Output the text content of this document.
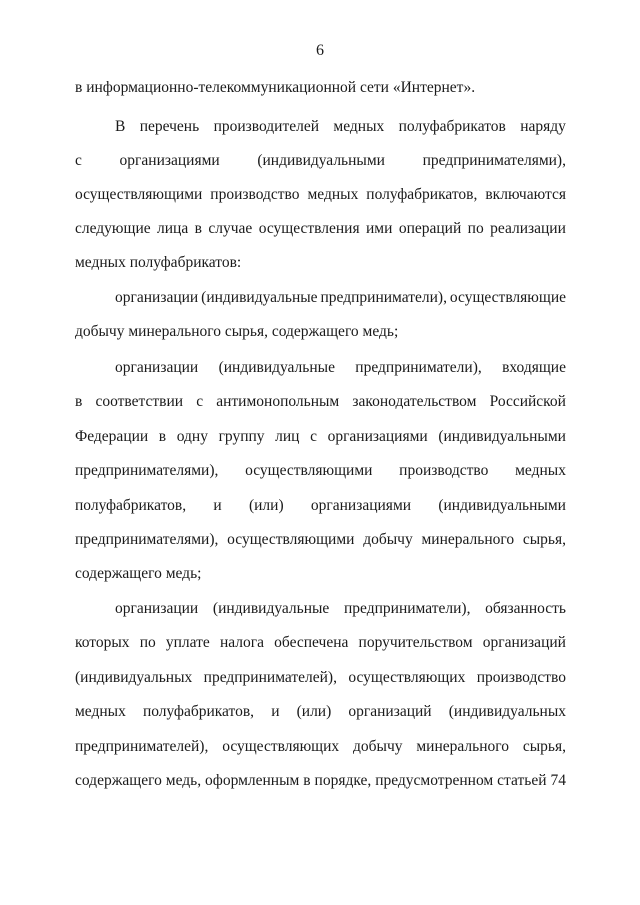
6
в информационно-телекоммуникационной сети «Интернет».
В перечень производителей медных полуфабрикатов наряду
с организациями (индивидуальными предпринимателями),
осуществляющими производство медных полуфабрикатов, включаются
следующие лица в случае осуществления ими операций по реализации
медных полуфабрикатов:
организации (индивидуальные предприниматели), осуществляющие
добычу минерального сырья, содержащего медь;
организации (индивидуальные предприниматели), входящие
в соответствии с антимонопольным законодательством Российской
Федерации в одну группу лиц с организациями (индивидуальными
предпринимателями), осуществляющими производство медных
полуфабрикатов, и (или) организациями (индивидуальными
предпринимателями), осуществляющими добычу минерального сырья,
содержащего медь;
организации (индивидуальные предприниматели), обязанность
которых по уплате налога обеспечена поручительством организаций
(индивидуальных предпринимателей), осуществляющих производство
медных полуфабрикатов, и (или) организаций (индивидуальных
предпринимателей), осуществляющих добычу минерального сырья,
содержащего медь, оформленным в порядке, предусмотренном статьей 74
